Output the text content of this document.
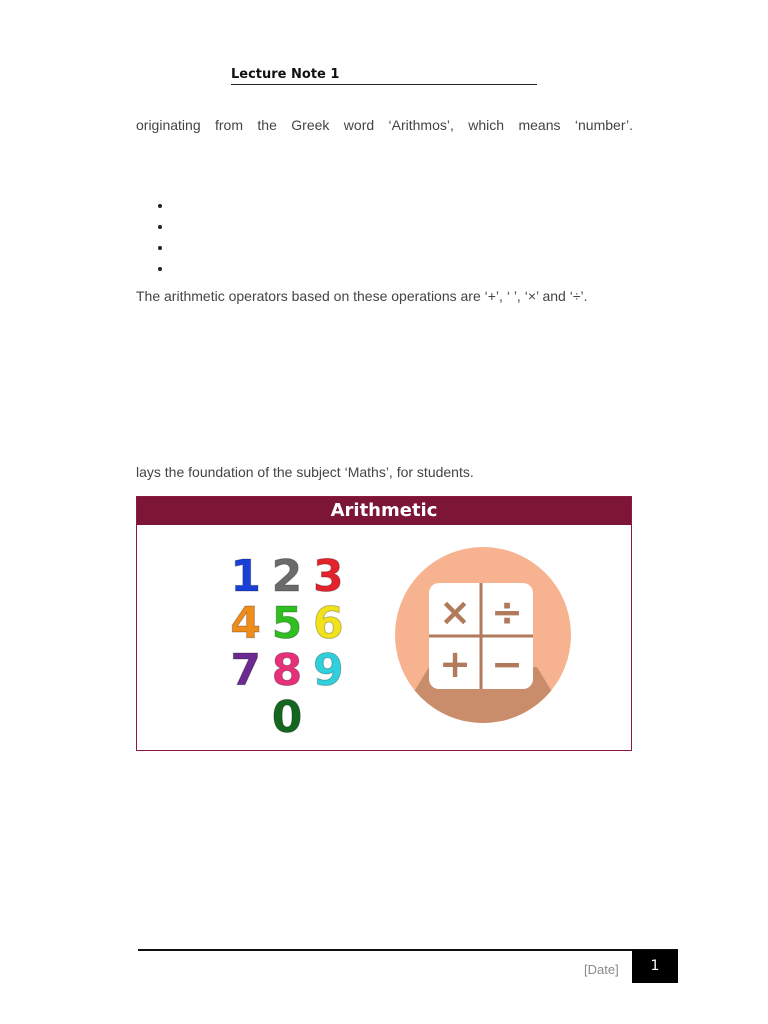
Lecture Note 1
originating from the Greek word ‘Arithmos’, which means ‘number’.
The arithmetic operators based on these operations are ‘+’, ‘ ’, ‘×’ and ‘÷’.
lays the foundation of the subject ‘Maths’, for students.
Arithmetic
1 2 3
4 5 6
7 8 9
0
× ÷
+ −
[Date]	1
